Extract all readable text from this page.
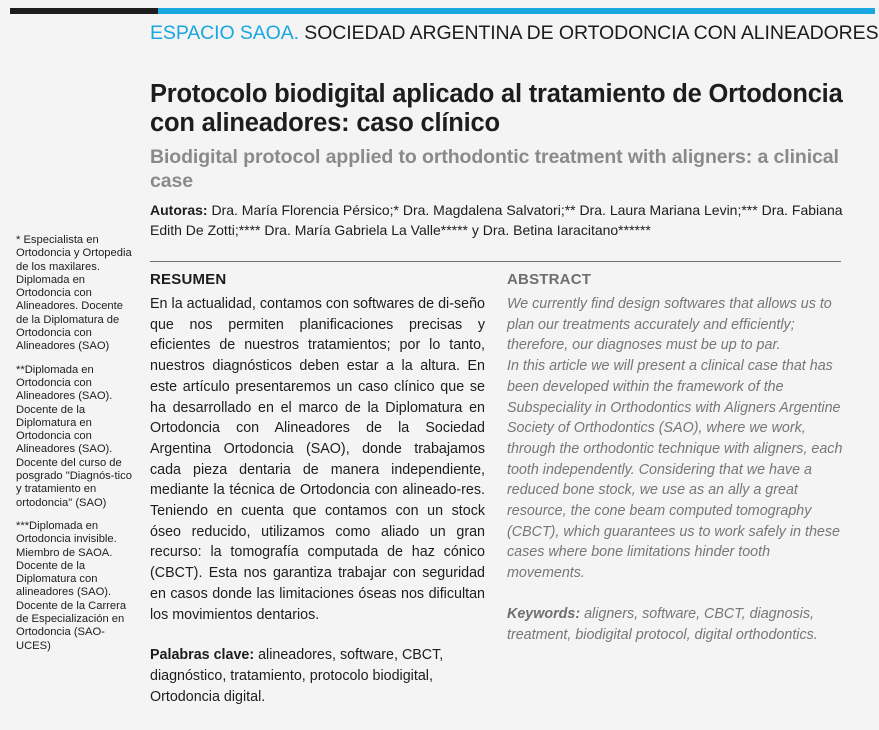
ESPACIO SAOA. SOCIEDAD ARGENTINA DE ORTODONCIA CON ALINEADORES
Protocolo biodigital aplicado al tratamiento de Ortodoncia con alineadores: caso clínico
Biodigital protocol applied to orthodontic treatment with aligners: a clinical case
Autoras: Dra. María Florencia Pérsico;* Dra. Magdalena Salvatori;** Dra. Laura Mariana Levin;*** Dra. Fabiana Edith De Zotti;**** Dra. María Gabriela La Valle***** y Dra. Betina Iaracitano******

* Especialista en Ortodoncia y Ortopedia de los maxilares. Diplomada en Ortodoncia con Alineadores. Docente de la Diplomatura de Ortodoncia con Alineadores (SAO)

**Diplomada en Ortodoncia con Alineadores (SAO). Docente de la Diplomatura en Ortodoncia con Alineadores (SAO). Docente del curso de posgrado "Diagnós-tico y tratamiento en ortodoncia" (SAO)

***Diplomada en Ortodoncia invisible. Miembro de SAOA. Docente de la Diplomatura con alineadores (SAO). Docente de la Carrera de Especialización en Ortodoncia (SAO-UCES)

RESUMEN

En la actualidad, contamos con softwares de di-seño que nos permiten planificaciones precisas y eficientes de nuestros tratamientos; por lo tanto, nuestros diagnósticos deben estar a la altura. En este artículo presentaremos un caso clínico que se ha desarrollado en el marco de la Diplomatura en Ortodoncia con Alineadores de la Sociedad Argentina Ortodoncia (SAO), donde trabajamos cada pieza dentaria de manera independiente, mediante la técnica de Ortodoncia con alineado-res. Teniendo en cuenta que contamos con un stock óseo reducido, utilizamos como aliado un gran recurso: la tomografía computada de haz cónico (CBCT). Esta nos garantiza trabajar con seguridad en casos donde las limitaciones óseas nos dificultan los movimientos dentarios.

Palabras clave: alineadores, software, CBCT, diagnóstico, tratamiento, protocolo biodigital, Ortodoncia digital.
ABSTRACT

We currently find design softwares that allows us to plan our treatments accurately and efficiently; therefore, our diagnoses must be up to par.

In this article we will present a clinical case that has been developed within the framework of the Subspeciality in Orthodontics with Aligners Argentine Society of Orthodontics (SAO), where we work, through the orthodontic technique with aligners, each tooth independently. Considering that we have a reduced bone stock, we use as an ally a great resource, the cone beam computed tomography (CBCT), which guarantees us to work safely in these cases where bone limitations hinder tooth movements.

Keywords: aligners, software, CBCT, diagnosis, treatment, biodigital protocol, digital orthodontics.
